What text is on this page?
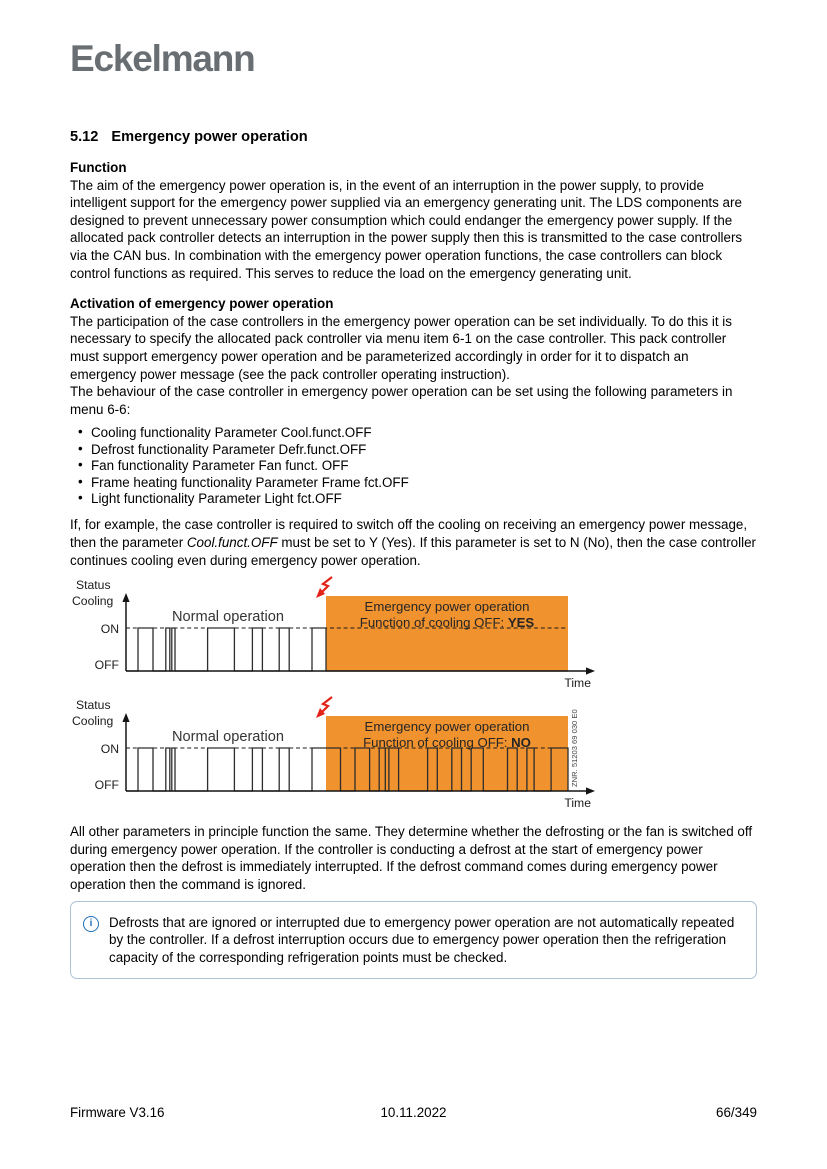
Eckelmann
5.12 Emergency power operation
Function

The aim of the emergency power operation is, in the event of an interruption in the power supply, to provide intelligent support for the emergency power supplied via an emergency generating unit. The LDS components are designed to prevent unnecessary power consumption which could endanger the emergency power supply. If the allocated pack controller detects an interruption in the power supply then this is transmitted to the case controllers via the CAN bus. In combination with the emergency power operation functions, the case controllers can block control functions as required. This serves to reduce the load on the emergency generating unit.

Activation of emergency power operation

The participation of the case controllers in the emergency power operation can be set individually. To do this it is necessary to specify the allocated pack controller via menu item 6-1 on the case controller. This pack controller must support emergency power operation and be parameterized accordingly in order for it to dispatch an emergency power message (see the pack controller operating instruction).

The behaviour of the case controller in emergency power operation can be set using the following parameters in menu 6-6:

• Cooling functionality Parameter Cool.funct.OFF
• Defrost functionality Parameter Defr.funct.OFF
• Fan functionality Parameter Fan funct. OFF
• Frame heating functionality Parameter Frame fct.OFF
• Light functionality Parameter Light fct.OFF

If, for example, the case controller is required to switch off the cooling on receiving an emergency power message, then the parameter Cool.funct.OFF must be set to Y (Yes). If this parameter is set to N (No), then the case controller continues cooling even during emergency power operation.

Emergency power operation
Function of cooling OFF: YES
Normal operation
Status
Cooling
ON
OFF
Time
Emergency power operation
Function of cooling OFF: NO
Normal operation
Status
Cooling
ON
OFF
Time
ZNR. 51203 69 030 E0

All other parameters in principle function the same. They determine whether the defrosting or the fan is switched off during emergency power operation. If the controller is conducting a defrost at the start of emergency power operation then the defrost is immediately interrupted. If the defrost command comes during emergency power operation then the command is ignored.

i	Defrosts that are ignored or interrupted due to emergency power operation are not automatically repeated by the controller. If a defrost interruption occurs due to emergency power operation then the refrigeration capacity of the corresponding refrigeration points must be checked.

Firmware V3.16	10.11.2022	66/349
